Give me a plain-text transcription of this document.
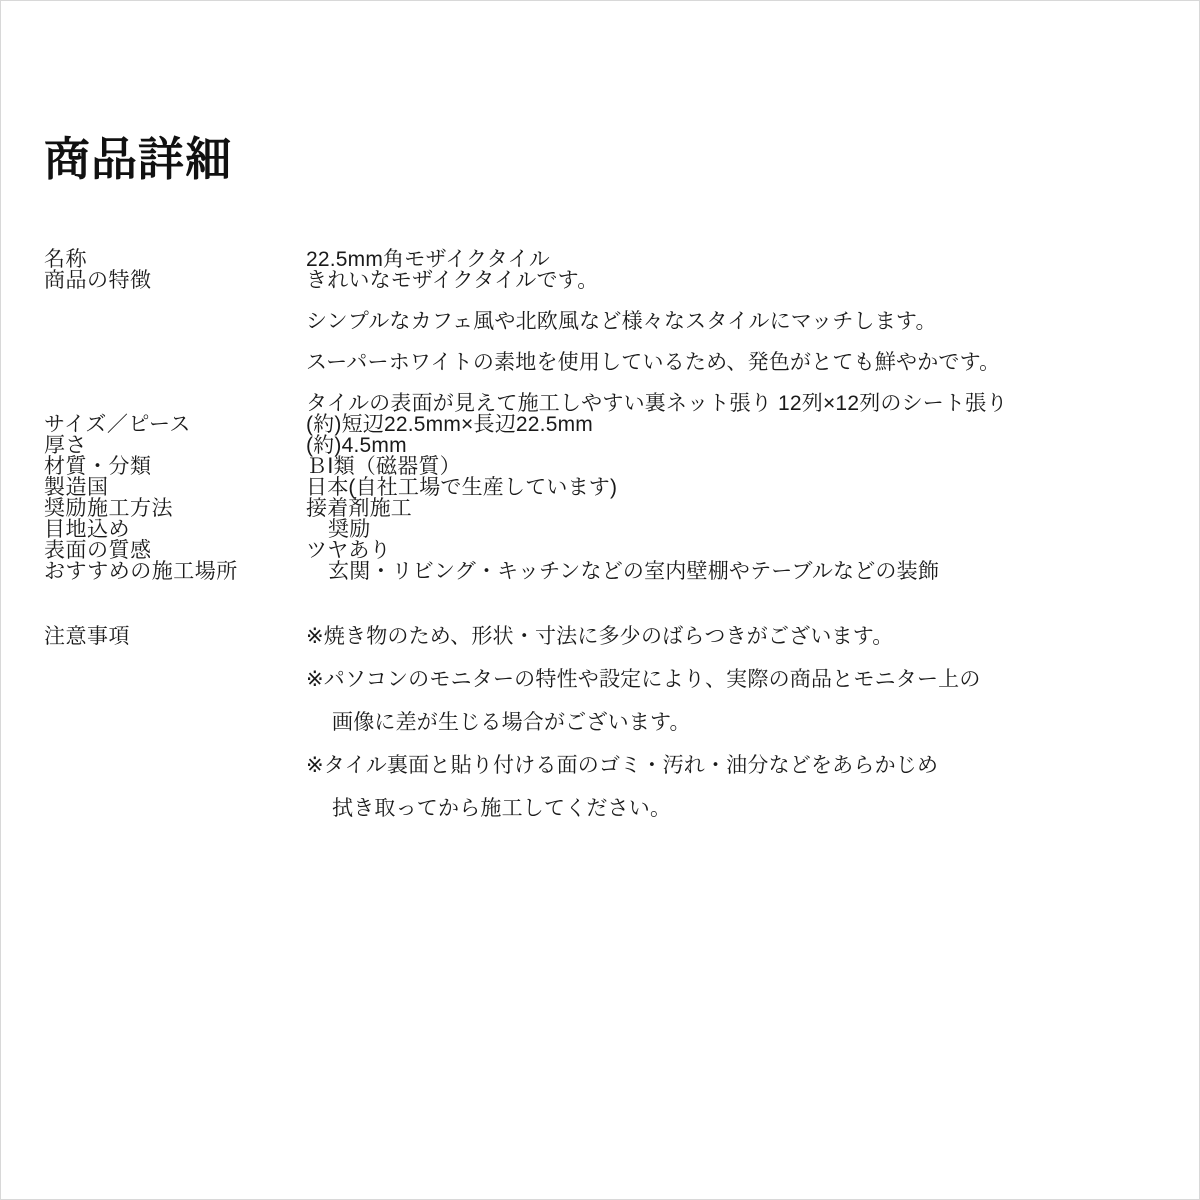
商品詳細
名称	22.5mm角モザイクタイル

商品の特徴	きれいなモザイクタイルです。
シンプルなカフェ風や北欧風など様々なスタイルにマッチします。
スーパーホワイトの素地を使用しているため、発色がとても鮮やかです。
タイルの表面が見えて施工しやすい裏ネット張り 12列×12列のシート張り

サイズ／ピース	(約)短辺22.5mm×長辺22.5mm

厚さ	(約)4.5mm

材質・分類	ＢⅠ類（磁器質）

製造国	日本(自社工場で生産しています)

奨励施工方法	接着剤施工

目地込め	奨励

表面の質感	ツヤあり

おすすめの施工場所	玄関・リビング・キッチンなどの室内壁棚やテーブルなどの装飾

注意事項	※焼き物のため、形状・寸法に多少のばらつきがございます。
※パソコンのモニターの特性や設定により、実際の商品とモニター上の
画像に差が生じる場合がございます。
※タイル裏面と貼り付ける面のゴミ・汚れ・油分などをあらかじめ
拭き取ってから施工してください。
